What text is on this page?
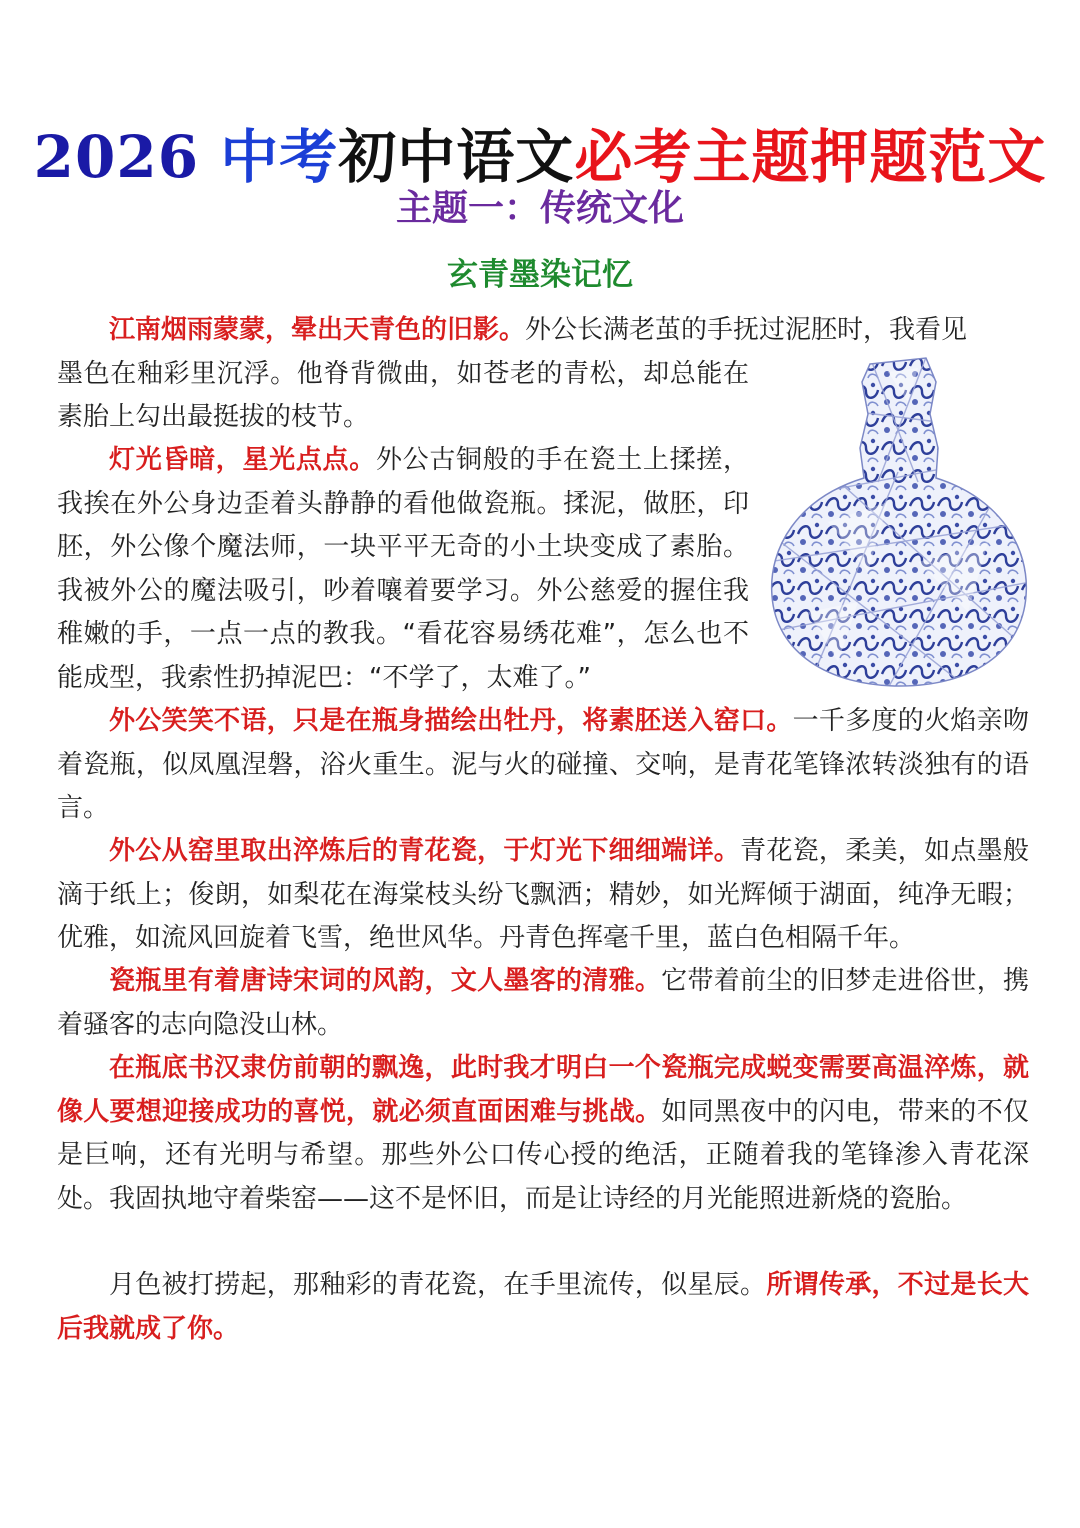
2026 中考初中语文必考主题押题范文
主题一：传统文化
玄青墨染记忆

江南烟雨蒙蒙，晕出天青色的旧影。外公长满老茧的手抚过泥胚时，我看见
墨色在釉彩里沉浮。他脊背微曲，如苍老的青松，却总能在素胎上勾出最挺拔的枝节。

灯光昏暗，星光点点。外公古铜般的手在瓷土上揉搓，我挨在外公身边歪着头静静的看他做瓷瓶。揉泥，做胚，印胚，外公像个魔法师，一块平平无奇的小土块变成了素胎。我被外公的魔法吸引，吵着嚷着要学习。外公慈爱的握住我稚嫩的手，一点一点的教我。“看花容易绣花难”，怎么也不能成型，我索性扔掉泥巴：“不学了，太难了。”

外公笑笑不语，只是在瓶身描绘出牡丹，将素胚送入窑口。一千多度的火焰亲吻着瓷瓶，似凤凰涅磐，浴火重生。泥与火的碰撞、交响，是青花笔锋浓转淡独有的语言。

外公从窑里取出淬炼后的青花瓷，于灯光下细细端详。青花瓷，柔美，如点墨般滴于纸上；俊朗，如梨花在海棠枝头纷飞飘洒；精妙，如光辉倾于湖面，纯净无暇；优雅，如流风回旋着飞雪，绝世风华。丹青色挥毫千里，蓝白色相隔千年。

瓷瓶里有着唐诗宋词的风韵，文人墨客的清雅。它带着前尘的旧梦走进俗世，携着骚客的志向隐没山林。

在瓶底书汉隶仿前朝的飘逸，此时我才明白一个瓷瓶完成蜕变需要高温淬炼，就像人要想迎接成功的喜悦，就必须直面困难与挑战。如同黑夜中的闪电，带来的不仅是巨响，还有光明与希望。那些外公口传心授的绝活，正随着我的笔锋渗入青花深处。我固执地守着柴窑——这不是怀旧，而是让诗经的月光能照进新烧的瓷胎。

月色被打捞起，那釉彩的青花瓷，在手里流传，似星辰。所谓传承，不过是长大后我就成了你。
